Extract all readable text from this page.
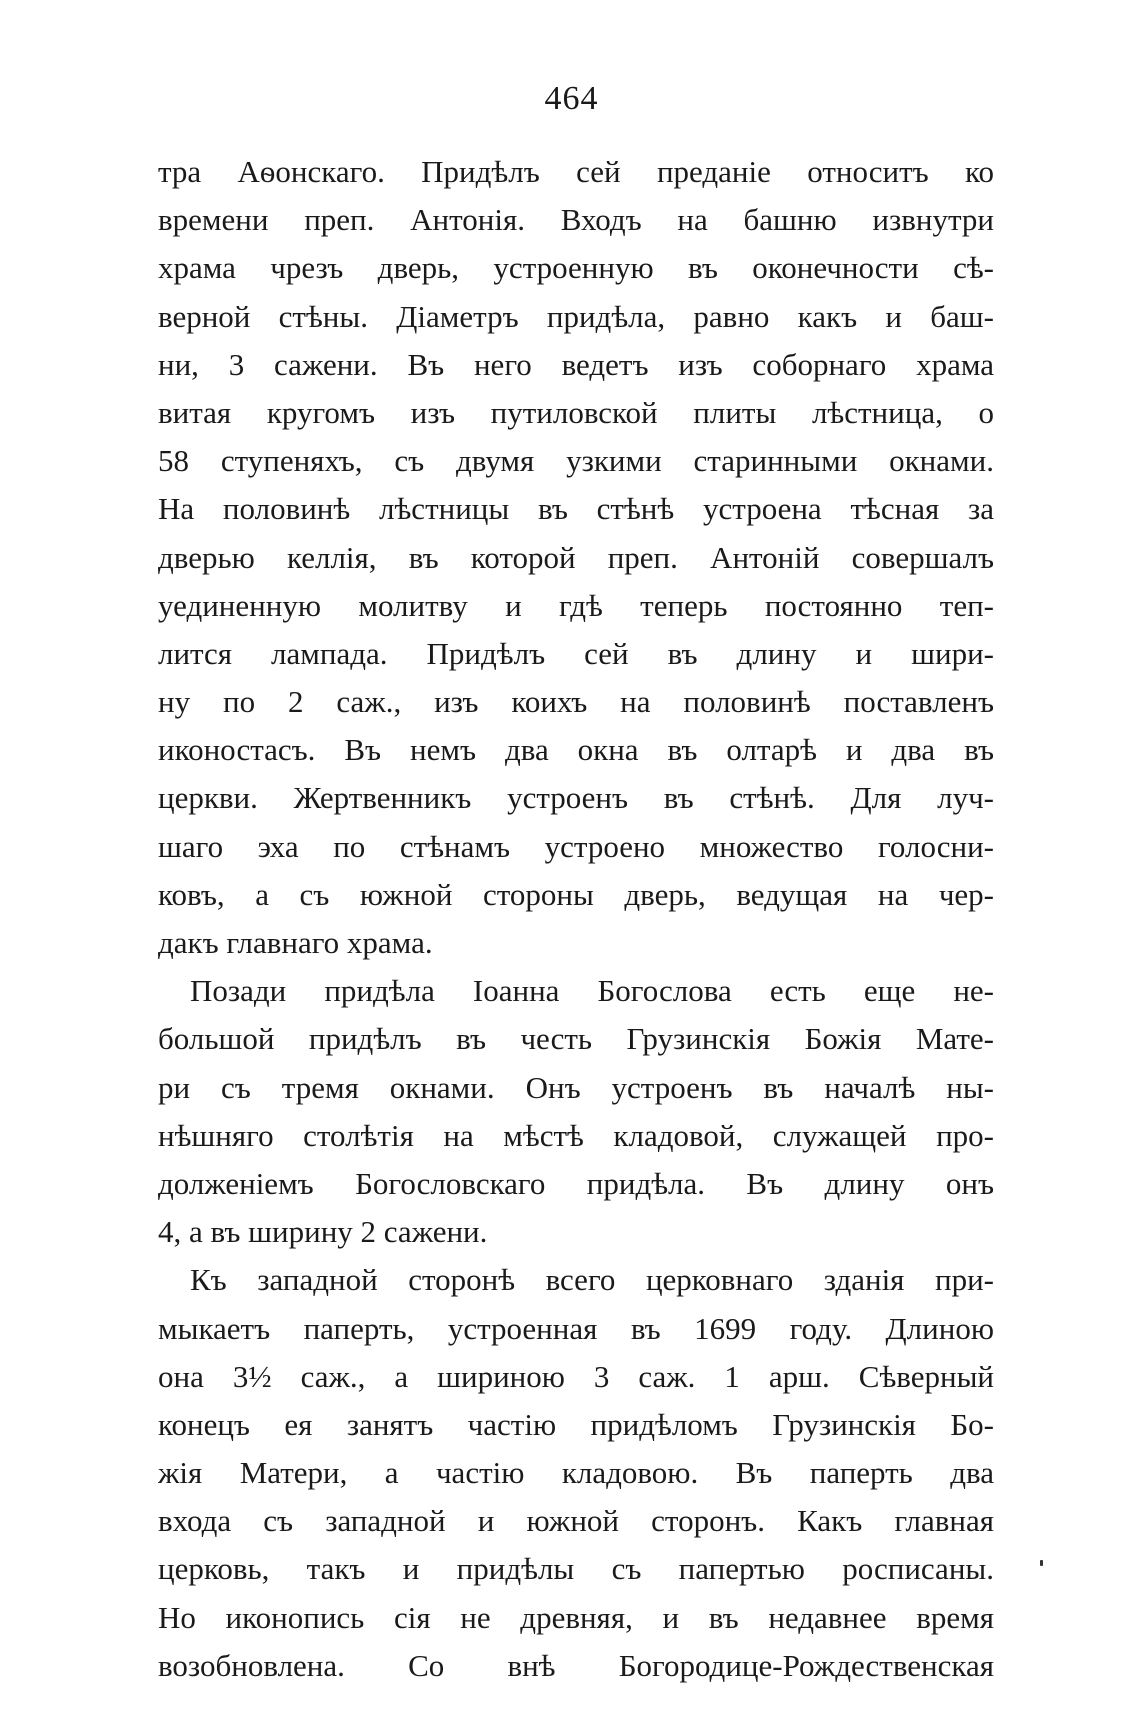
464
тра Аѳонскаго. Придѣлъ сей преданіе относитъ ко
времени преп. Антонія. Входъ на башню извнутри
храма чрезъ дверь, устроенную въ оконечности сѣ-
верной стѣны. Діаметръ придѣла, равно какъ и баш-
ни, 3 сажени. Въ него ведетъ изъ соборнаго храма
витая кругомъ изъ путиловской плиты лѣстница, о
58 ступеняхъ, съ двумя узкими старинными окнами.
На половинѣ лѣстницы въ стѣнѣ устроена тѣсная за
дверью келлія, въ которой преп. Антоній совершалъ
уединенную молитву и гдѣ теперь постоянно теп-
лится лампада. Придѣлъ сей въ длину и шири-
ну по 2 саж., изъ коихъ на половинѣ поставленъ
иконостасъ. Въ немъ два окна въ олтарѣ и два въ
церкви. Жертвенникъ устроенъ въ стѣнѣ. Для луч-
шаго эха по стѣнамъ устроено множество голосни-
ковъ, а съ южной стороны дверь, ведущая на чер-
дакъ главнаго храма.
Позади придѣла Іоанна Богослова есть еще не-
большой придѣлъ въ честь Грузинскія Божія Мате-
ри съ тремя окнами. Онъ устроенъ въ началѣ ны-
нѣшняго столѣтія на мѣстѣ кладовой, служащей про-
долженіемъ Богословскаго придѣла. Въ длину онъ
4, а въ ширину 2 сажени.
Къ западной сторонѣ всего церковнаго зданія при-
мыкаетъ паперть, устроенная въ 1699 году. Длиною
она 3½ саж., а шириною 3 саж. 1 арш. Сѣверный
конецъ ея занятъ частію придѣломъ Грузинскія Бо-
жія Матери, а частію кладовою. Въ паперть два
входа съ западной и южной сторонъ. Какъ главная
церковь, такъ и придѣлы съ папертью росписаны.
Но иконопись сія не древняя, и въ недавнее время
возобновлена. Со внѣ Богородице-Рождественская
